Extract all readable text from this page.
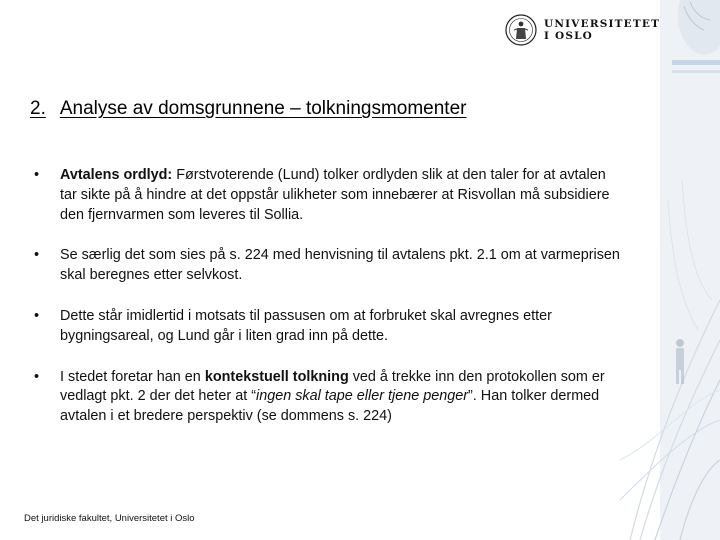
UNIVERSITETET
I OSLO
2. Analyse av domsgrunnene – tolkningsmomenter
• Avtalens ordlyd: Førstvoterende (Lund) tolker ordlyden slik at den taler for at avtalen tar sikte på å hindre at det oppstår ulikheter som innebærer at Risvollan må subsidiere den fjernvarmen som leveres til Sollia.
• Se særlig det som sies på s. 224 med henvisning til avtalens pkt. 2.1 om at varmeprisen skal beregnes etter selvkost.
• Dette står imidlertid i motsats til passusen om at forbruket skal avregnes etter bygningsareal, og Lund går i liten grad inn på dette.
• I stedet foretar han en kontekstuell tolkning ved å trekke inn den protokollen som er vedlagt pkt. 2 der det heter at “ingen skal tape eller tjene penger”. Han tolker dermed avtalen i et bredere perspektiv (se dommens s. 224)
Det juridiske fakultet, Universitetet i Oslo
